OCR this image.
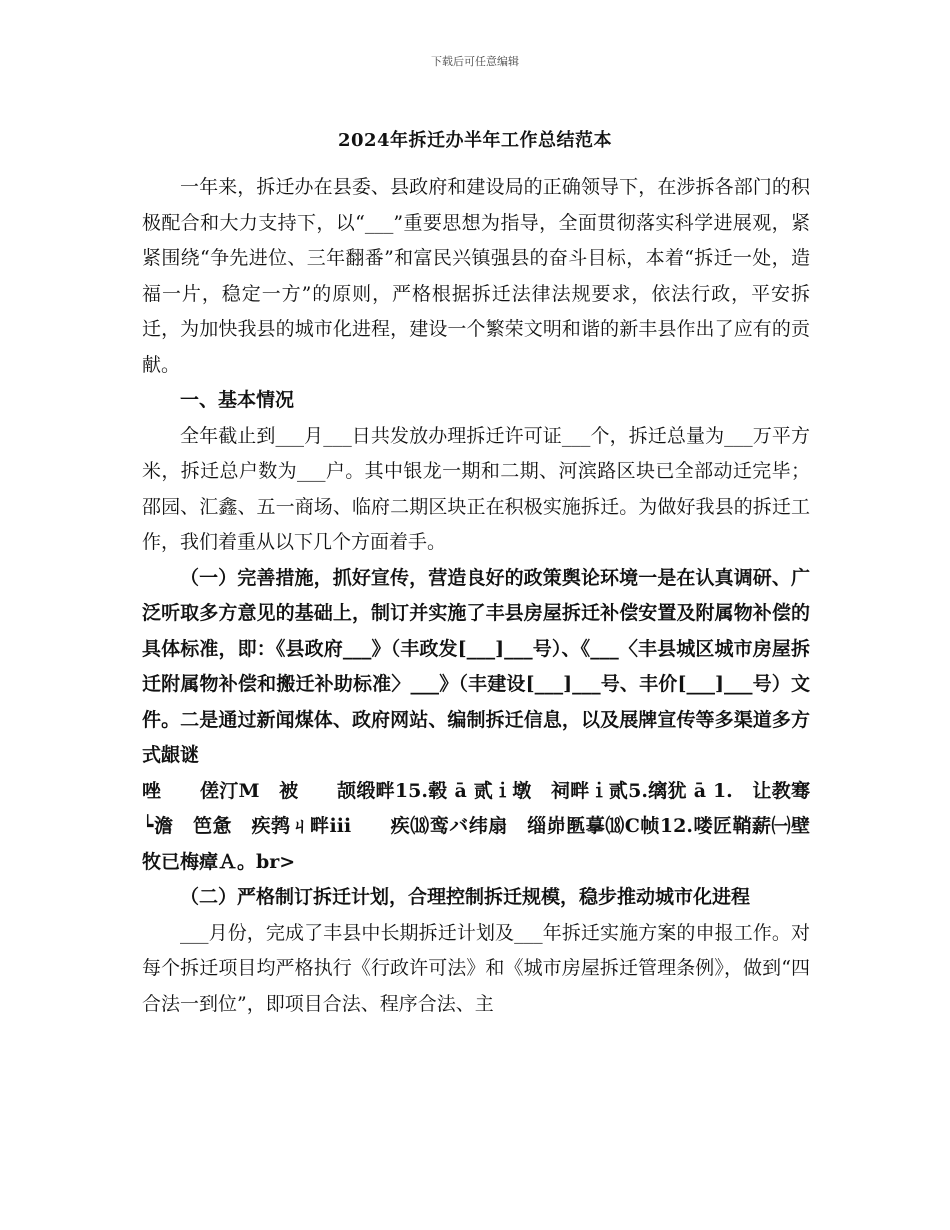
下载后可任意编辑
2024年拆迁办半年工作总结范本

一年来，拆迁办在县委、县政府和建设局的正确领导下，在涉拆各部门的积极配合和大力支持下，以“___”重要思想为指导，全面贯彻落实科学进展观，紧紧围绕“争先进位、三年翻番”和富民兴镇强县的奋斗目标，本着“拆迁一处，造福一片，稳定一方”的原则，严格根据拆迁法律法规要求，依法行政，平安拆迁，为加快我县的城市化进程，建设一个繁荣文明和谐的新丰县作出了应有的贡献。

一、基本情况

全年截止到___月___日共发放办理拆迁许可证___个，拆迁总量为___万平方米，拆迁总户数为___户。其中银龙一期和二期、河滨路区块已全部动迁完毕；邵园、汇鑫、五一商场、临府二期区块正在积极实施拆迁。为做好我县的拆迁工作，我们着重从以下几个方面着手。

（一）完善措施，抓好宣传，营造良好的政策舆论环境一是在认真调研、广泛听取多方意见的基础上，制订并实施了丰县房屋拆迁补偿安置及附属物补偿的具体标准，即：《县政府___》（丰政发[___]___号）、《___〈丰县城区城市房屋拆迁附属物补偿和搬迁补助标准〉___》（丰建设[___]___号、丰价[___]___号）文件。二是通过新闻煤体、政府网站、编制拆迁信息，以及展牌宣传等多渠道多方式龈谜

唑　　傞汀M　被　　颉缎畔15.毂 ā 贰ｉ墩　祠畔ｉ贰5.缡犹 ā 1.　让教骞┕澹　笆惫　疾鹁ㄐ畔ⅲ　　疾⒅鸾バ纬扇　缁峁匦摹⒅C帧12.喽匠鞘薪㈠壁牧已梅瘴Ａ。br>

（二）严格制订拆迁计划，合理控制拆迁规模，稳步推动城市化进程

___月份，完成了丰县中长期拆迁计划及___年拆迁实施方案的申报工作。对每个拆迁项目均严格执行《行政许可法》和《城市房屋拆迁管理条例》，做到“四合法一到位”，即项目合法、程序合法、主
